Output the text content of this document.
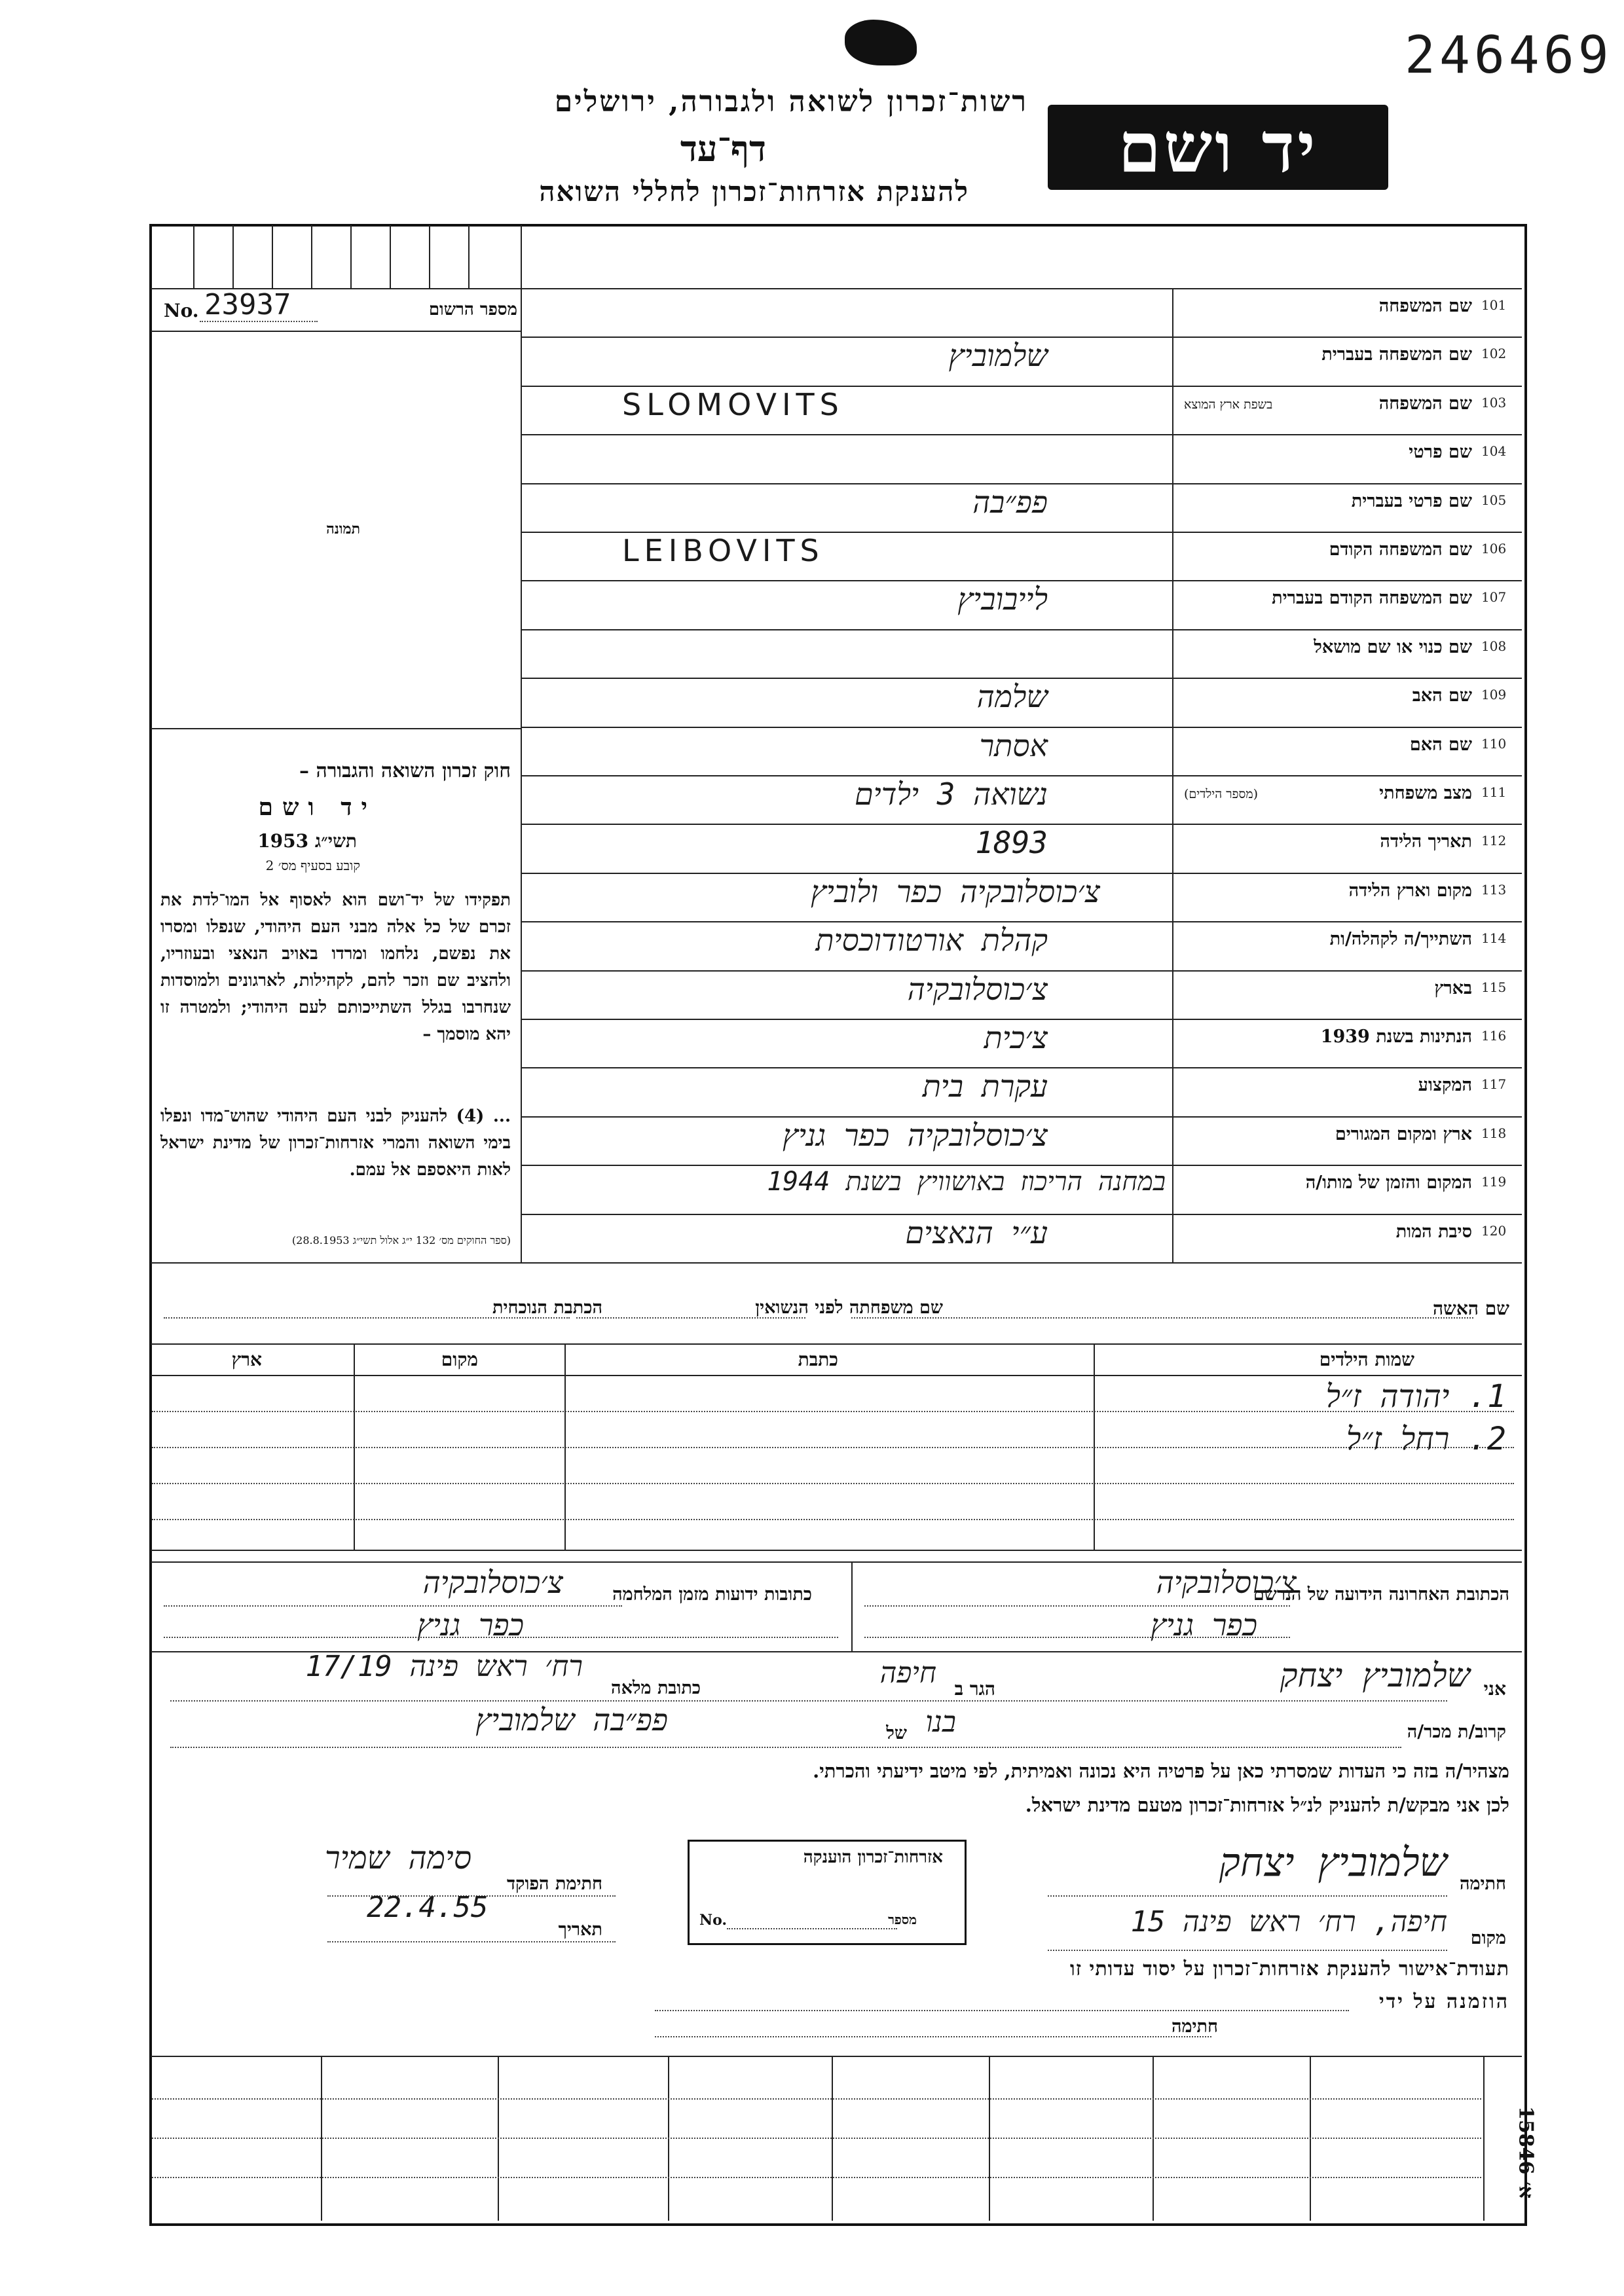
246469
רשות־זכרון לשואה ולגבורה, ירושלים
דף־עד
להענקת אזרחות־זכרון לחללי השואה
יד ושם
מספר הרשום
No. 23937
תמונה
חוק זכרון השואה והגבורה –
יד ושם
תשי״ג 1953
קובע בסעיף מס׳ 2
תפקידו של יד־ושם הוא לאסוף אל המו־לדת את זכרם של כל אלה מבני העם היהודי, שנפלו ומסרו את נפשם, נלחמו ומרדו באויב הנאצי ובעוזריו, ולהציב שם וזכר להם, לקהילות, לארגונים ולמוסדות שנחרבו בגלל השתייכותם לעם היהודי; ולמטרה זו יהא מוסמך –
... (4) להעניק לבני העם היהודי שהוש־מדו ונפלו בימי השואה והמרי אזרחות־זכרון של מדינת ישראל לאות היאספם אל עמם.
(ספר החוקים מס׳ 132 י״ג אלול תשי״ג 28.8.1953)
101
שם המשפחה
102
שם המשפחה בעברית
שלמוביץ
103
שם המשפחה
בשפת ארץ המוצא
SLOMOVITS
104
שם פרטי
105
שם פרטי בעברית
פפ״בה
106
שם המשפחה הקודם
LEIBOVITS
107
שם המשפחה הקודם בעברית
לייבוביץ
108
שם כנוי או שם מושאל
109
שם האב
שלמה
110
שם האם
אסתר
111
מצב משפחתי
(מספר הילדים)
נשואה 3 ילדים
112
תאריך הלידה
1893
113
מקום וארץ הלידה
צ׳כוסלובקיה כפר ולוביץ
114
השתייך/ה לקהלה/ות
קהלת אורטודוכסית
115
בארץ
צ׳כוסלובקיה
116
הנתינות בשנת 1939
צ׳כית
117
המקצוע
עקרת בית
118
ארץ ומקום המגורים
צ׳כוסלובקיה כפר גניץ
119
המקום והזמן של מותו/ה
במחנה הריכוז באושוויץ בשנת 1944
120
סיבת המות
ע״י הנאצים
שם האשה
שם משפחתה לפני הנשואין
הכתבת הנוכחית
שמות הילדים
כתבת
מקום
ארץ
1. יהודה ז״ל
2. רחל ז״ל
הכתובת האחרונה הידועה של הנרשם
צ׳כוסלובקיה
כפר גניץ
כתובות ידועות מזמן המלחמה
צ׳כוסלובקיה
כפר גניץ
אני
שלמוביץ יצחק
הגר ב
חיפה
כתובת מלאה
רח׳ ראש פינה 17/19
קרוב/ת מכר/ה
בנו
של
פפ״בה שלמוביץ
מצהיר/ה בזה כי העדות שמסרתי כאן על פרטיה היא נכונה ואמיתית, לפי מיטב ידיעתי והכרתי.
לכן אני מבקש/ת להעניק לנ״ל אזרחות־זכרון מטעם מדינת ישראל.
חתימה
שלמוביץ יצחק
מקום
חיפה, רח׳ ראש פינה 15
אזרחות־זכרון הוענקה
No.	מספר
חתימת הפוקד
סימה שמיר
תאריך
22.4.55
תעודת־אישור להענקת אזרחות־זכרון על יסוד עדותי זו
הוזמנה על ידי
חתימה
א׳ 15846
